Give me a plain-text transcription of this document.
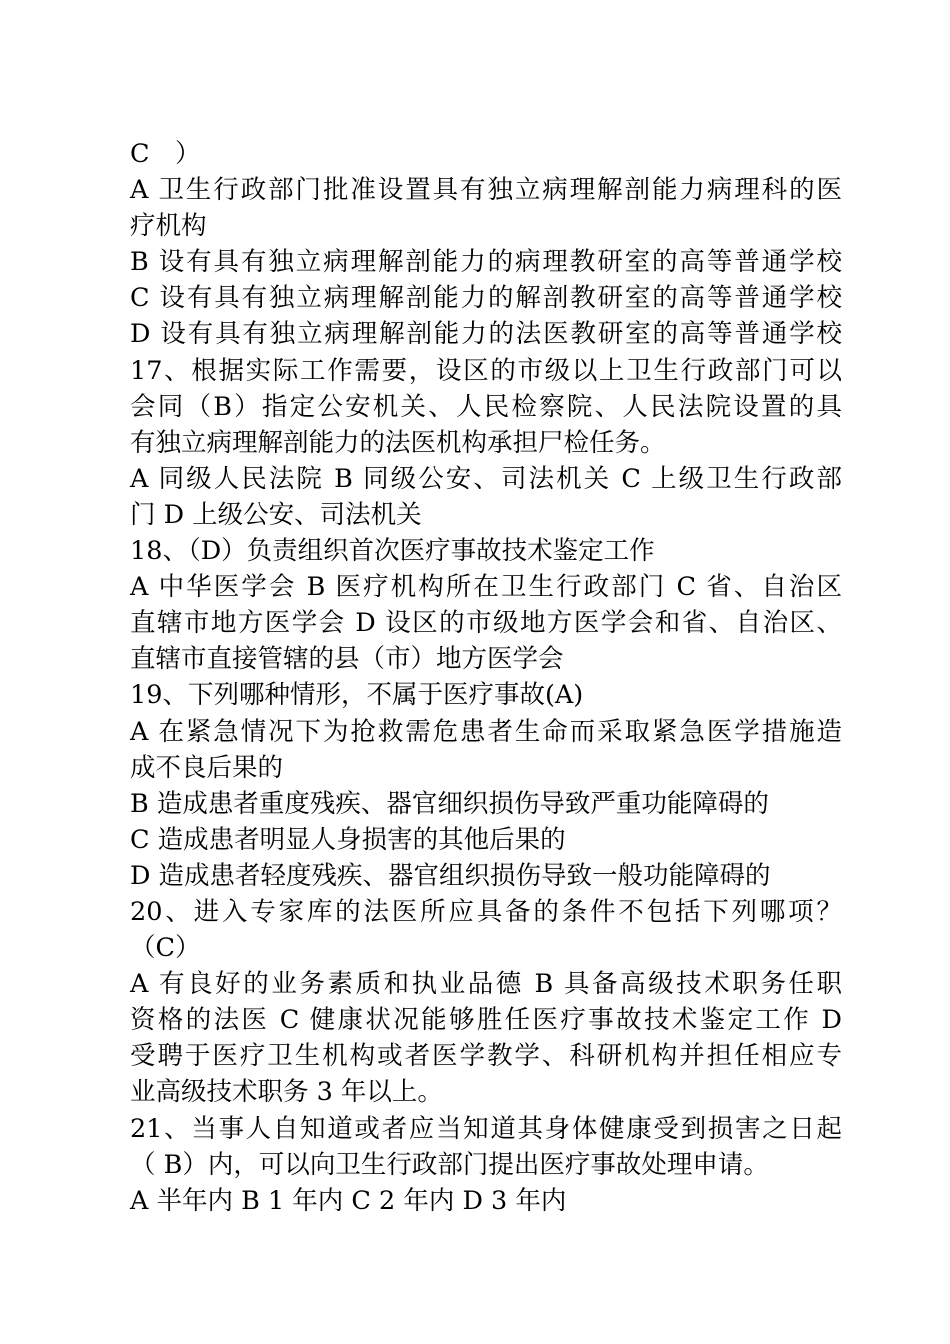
C　）
A 卫生行政部门批准设置具有独立病理解剖能力病理科的医
疗机构
B 设有具有独立病理解剖能力的病理教研室的高等普通学校
C 设有具有独立病理解剖能力的解剖教研室的高等普通学校
D 设有具有独立病理解剖能力的法医教研室的高等普通学校
17、根据实际工作需要，设区的市级以上卫生行政部门可以
会同（B）指定公安机关、人民检察院、人民法院设置的具
有独立病理解剖能力的法医机构承担尸检任务。
A 同级人民法院 B 同级公安、司法机关 C 上级卫生行政部
门 D 上级公安、司法机关
18、（D）负责组织首次医疗事故技术鉴定工作
A 中华医学会 B 医疗机构所在卫生行政部门 C 省、自治区
直辖市地方医学会 D 设区的市级地方医学会和省、自治区、
直辖市直接管辖的县（市）地方医学会
19、下列哪种情形，不属于医疗事故(A)
A 在紧急情况下为抢救需危患者生命而采取紧急医学措施造
成不良后果的
B 造成患者重度残疾、器官细织损伤导致严重功能障碍的
C 造成患者明显人身损害的其他后果的
D 造成患者轻度残疾、器官组织损伤导致一般功能障碍的
20、进入专家库的法医所应具备的条件不包括下列哪项？
（C）
A 有良好的业务素质和执业品德 B 具备高级技术职务任职
资格的法医 C 健康状况能够胜任医疗事故技术鉴定工作 D
受聘于医疗卫生机构或者医学教学、科研机构并担任相应专
业高级技术职务 3 年以上。
21、当事人自知道或者应当知道其身体健康受到损害之日起
（ B）内，可以向卫生行政部门提出医疗事故处理申请。
A 半年内 B 1 年内 C 2 年内 D 3 年内
